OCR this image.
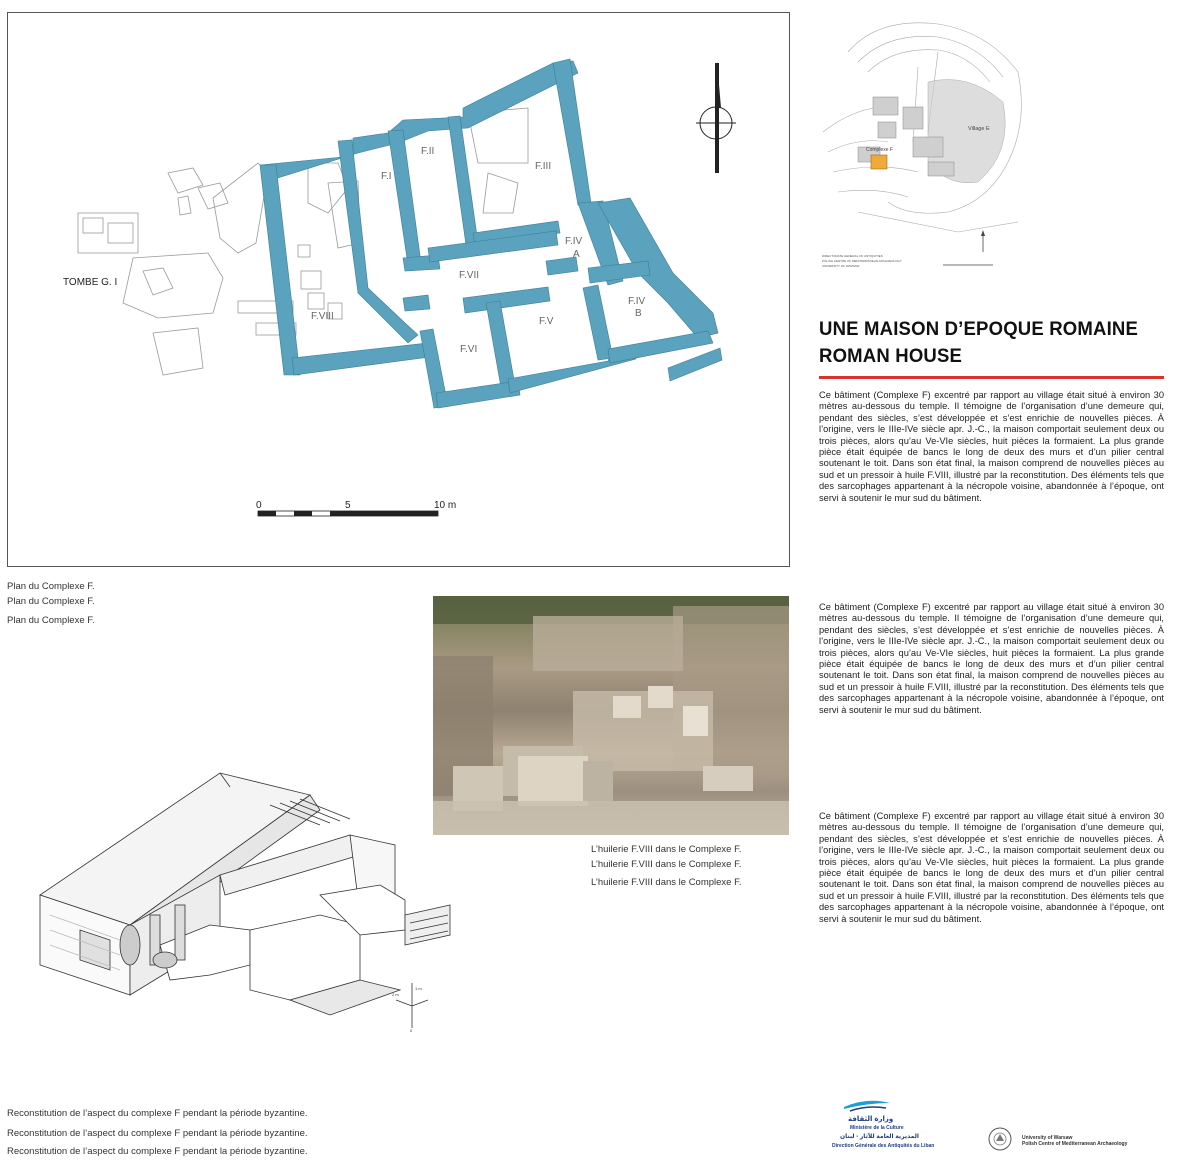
F.I
F.II
F.III
F.IV
A
F.IV
B
F.V
F.VI
F.VII
F.VIII
TOMBE G. I
0	5	10 m
Village E
Complexe F
DIRECTORATE GENERAL OF ANTIQUITIES
POLISH CENTRE OF MEDITERRANEAN ARCHAEOLOGY
UNIVERSITY OF WARSAW
UNE MAISON D’EPOQUE ROMAINE
ROMAN HOUSE
Ce bâtiment (Complexe F) excentré par rapport au village était situé à environ 30 mètres au-dessous du temple. Il témoigne de l’organisation d’une demeure qui, pendant des siècles, s’est développée et s’est enrichie de nouvelles pièces. À l’origine, vers le IIIe-IVe siècle apr. J.-C., la maison comportait seulement deux ou trois pièces, alors qu’au Ve-VIe siècles, huit pièces la formaient. La plus grande pièce était équipée de bancs le long de deux des murs et d’un pilier central soutenant le toit. Dans son état final, la maison comprend de nouvelles pièces au sud et un pressoir à huile F.VIII, illustré par la reconstitution. Des éléments tels que des sarcophages appartenant à la nécropole voisine, abandonnée à l’époque, ont servi à soutenir le mur sud du bâtiment.
Ce bâtiment (Complexe F) excentré par rapport au village était situé à environ 30 mètres au-dessous du temple. Il témoigne de l’organisation d’une demeure qui, pendant des siècles, s’est développée et s’est enrichie de nouvelles pièces. À l’origine, vers le IIIe-IVe siècle apr. J.-C., la maison comportait seulement deux ou trois pièces, alors qu’au Ve-VIe siècles, huit pièces la formaient. La plus grande pièce était équipée de bancs le long de deux des murs et d’un pilier central soutenant le toit. Dans son état final, la maison comprend de nouvelles pièces au sud et un pressoir à huile F.VIII, illustré par la reconstitution. Des éléments tels que des sarcophages appartenant à la nécropole voisine, abandonnée à l’époque, ont servi à soutenir le mur sud du bâtiment.
Ce bâtiment (Complexe F) excentré par rapport au village était situé à environ 30 mètres au-dessous du temple. Il témoigne de l’organisation d’une demeure qui, pendant des siècles, s’est développée et s’est enrichie de nouvelles pièces. À l’origine, vers le IIIe-IVe siècle apr. J.-C., la maison comportait seulement deux ou trois pièces, alors qu’au Ve-VIe siècles, huit pièces la formaient. La plus grande pièce était équipée de bancs le long de deux des murs et d’un pilier central soutenant le toit. Dans son état final, la maison comprend de nouvelles pièces au sud et un pressoir à huile F.VIII, illustré par la reconstitution. Des éléments tels que des sarcophages appartenant à la nécropole voisine, abandonnée à l’époque, ont servi à soutenir le mur sud du bâtiment.
Plan du Complexe F.
Plan du Complexe F.
Plan du Complexe F.
L’huilerie F.VIII dans le Complexe F.
L’huilerie F.VIII dans le Complexe F.
L’huilerie F.VIII dans le Complexe F.
2 m
1 m
0
Reconstitution de l’aspect du complexe F pendant la période byzantine.
Reconstitution de l’aspect du complexe F pendant la période byzantine.
Reconstitution de l’aspect du complexe F pendant la période byzantine.
وزارة الثقافة
Ministère de la Culture
المديرية العامة للآثار - لبنان
Direction Générale des Antiquités du Liban
University of Warsaw
Polish Centre of Mediterranean Archaeology
